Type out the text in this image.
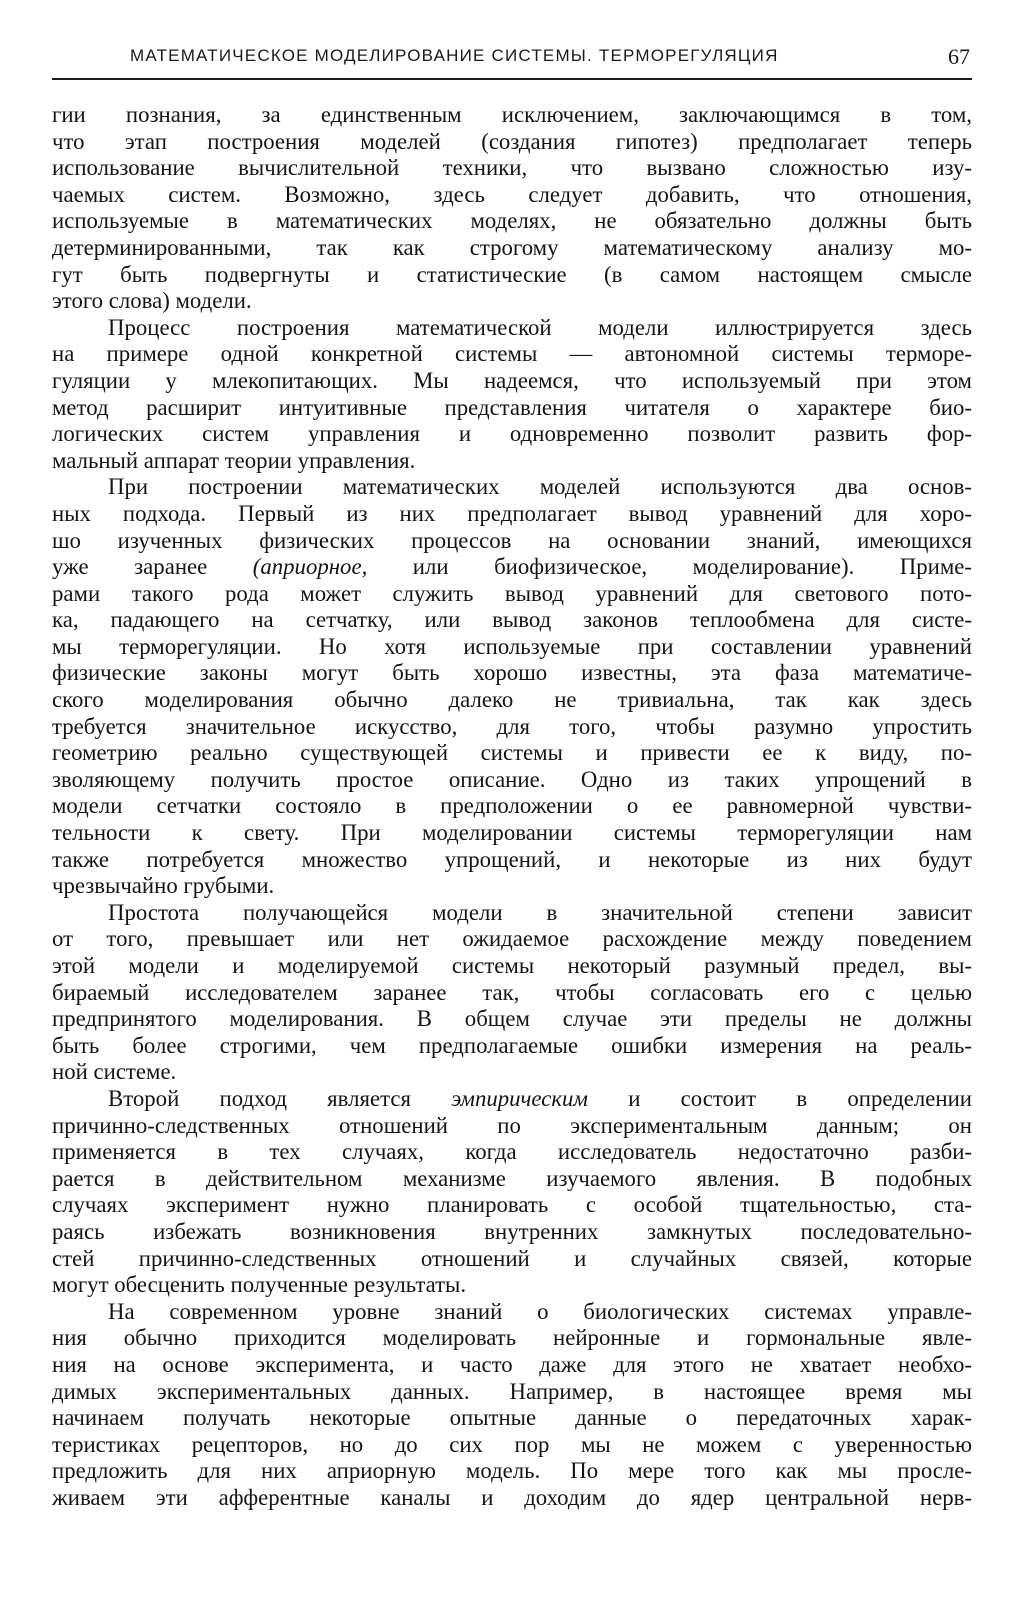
МАТЕМАТИЧЕСКОЕ МОДЕЛИРОВАНИЕ СИСТЕМЫ. ТЕРМОРЕГУЛЯЦИЯ	67

гии познания, за единственным исключением, заключающимся в том,
что этап построения моделей (создания гипотез) предполагает теперь
использование вычислительной техники, что вызвано сложностью изу-
чаемых систем. Возможно, здесь следует добавить, что отношения,
используемые в математических моделях, не обязательно должны быть
детерминированными, так как строгому математическому анализу мо-
гут быть подвергнуты и статистические (в самом настоящем смысле
этого слова) модели.

Процесс построения математической модели иллюстрируется здесь
на примере одной конкретной системы — автономной системы терморе-
гуляции у млекопитающих. Мы надеемся, что используемый при этом
метод расширит интуитивные представления читателя о характере био-
логических систем управления и одновременно позволит развить фор-
мальный аппарат теории управления.

При построении математических моделей используются два основ-
ных подхода. Первый из них предполагает вывод уравнений для хоро-
шо изученных физических процессов на основании знаний, имеющихся
уже заранее (априорное, или биофизическое, моделирование). Приме-
рами такого рода может служить вывод уравнений для светового пото-
ка, падающего на сетчатку, или вывод законов теплообмена для систе-
мы терморегуляции. Но хотя используемые при составлении уравнений
физические законы могут быть хорошо известны, эта фаза математиче-
ского моделирования обычно далеко не тривиальна, так как здесь
требуется значительное искусство, для того, чтобы разумно упростить
геометрию реально существующей системы и привести ее к виду, по-
зволяющему получить простое описание. Одно из таких упрощений в
модели сетчатки состояло в предположении о ее равномерной чувстви-
тельности к свету. При моделировании системы терморегуляции нам
также потребуется множество упрощений, и некоторые из них будут
чрезвычайно грубыми.

Простота получающейся модели в значительной степени зависит
от того, превышает или нет ожидаемое расхождение между поведением
этой модели и моделируемой системы некоторый разумный предел, вы-
бираемый исследователем заранее так, чтобы согласовать его с целью
предпринятого моделирования. В общем случае эти пределы не должны
быть более строгими, чем предполагаемые ошибки измерения на реаль-
ной системе.

Второй подход является эмпирическим и состоит в определении
причинно-следственных отношений по экспериментальным данным; он
применяется в тех случаях, когда исследователь недостаточно разби-
рается в действительном механизме изучаемого явления. В подобных
случаях эксперимент нужно планировать с особой тщательностью, ста-
раясь избежать возникновения внутренних замкнутых последовательно-
стей причинно-следственных отношений и случайных связей, которые
могут обесценить полученные результаты.

На современном уровне знаний о биологических системах управле-
ния обычно приходится моделировать нейронные и гормональные явле-
ния на основе эксперимента, и часто даже для этого не хватает необхо-
димых экспериментальных данных. Например, в настоящее время мы
начинаем получать некоторые опытные данные о передаточных харак-
теристиках рецепторов, но до сих пор мы не можем с уверенностью
предложить для них априорную модель. По мере того как мы просле-
живаем эти афферентные каналы и доходим до ядер центральной нерв-
